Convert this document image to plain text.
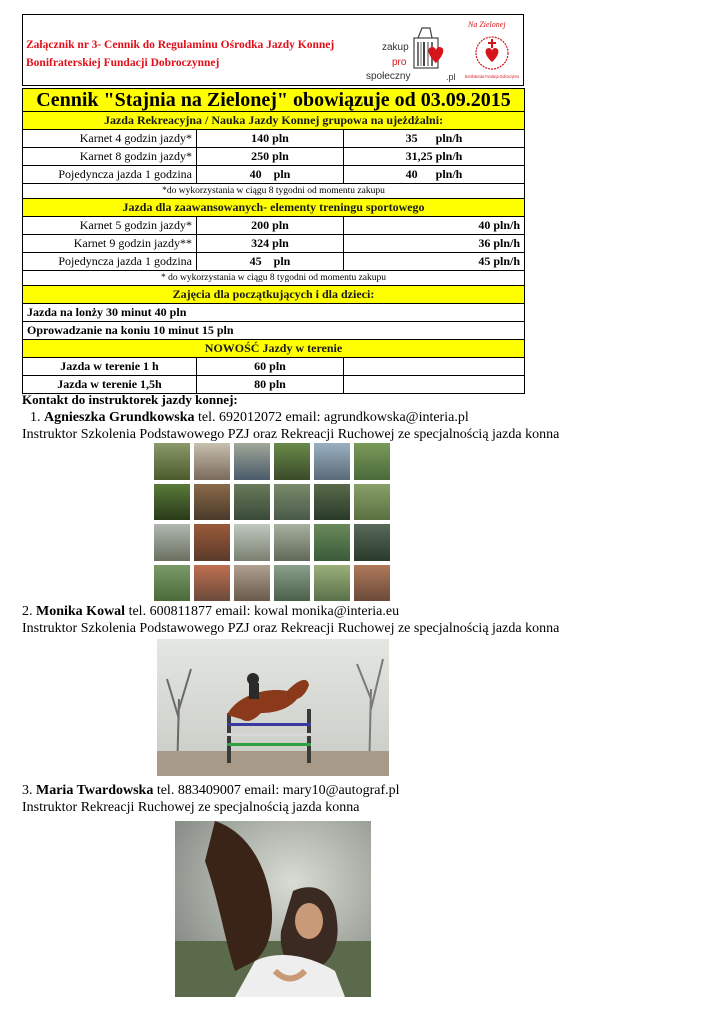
Załącznik nr 3- Cennik do Regulaminu Ośrodka Jazdy Konnej
Bonifraterskiej Fundacji Dobroczynnej
zakup
pro
społeczny	.pl
Na Zielonej
Bonifraterska Fundacja Dobroczynna
Cennik "Stajnia na Zielonej" obowiązuje od 03.09.2015		
Jazda Rekreacyjna / Nauka Jazdy Konnej grupowa na ujeżdżalni:		
Karnet 4 godzin jazdy*	140 pln	35      pln/h
Karnet 8 godzin jazdy*	250 pln	31,25 pln/h
Pojedyncza jazda 1 godzina	40    pln	40      pln/h
*do wykorzystania w ciągu 8 tygodni od momentu zakupu		
Jazda dla zaawansowanych- elementy treningu sportowego		
Karnet 5 godzin jazdy*	200 pln	40 pln/h
Karnet 9 godzin jazdy**	324 pln	36 pln/h
Pojedyncza jazda 1 godzina	45    pln	45 pln/h
* do wykorzystania w ciągu 8 tygodni od momentu zakupu		
Zajęcia dla początkujących i dla dzieci:		
Jazda na lonży 30 minut 40 pln		
Oprowadzanie na koniu 10 minut 15 pln		
NOWOŚĆ Jazdy w terenie		
Jazda w terenie 1 h	60 pln	
Jazda w terenie 1,5h	80 pln	
Kontakt do instruktorek jazdy konnej:
1. Agnieszka Grundkowska tel. 692012072 email: agrundkowska@interia.pl
Instruktor Szkolenia Podstawowego PZJ oraz Rekreacji Ruchowej ze specjalnością jazda konna
2. Monika Kowal tel. 600811877 email: kowal monika@interia.eu
Instruktor Szkolenia Podstawowego PZJ oraz Rekreacji Ruchowej ze specjalnością jazda konna
3. Maria Twardowska tel. 883409007 email: mary10@autograf.pl
Instruktor Rekreacji Ruchowej ze specjalnością jazda konna
